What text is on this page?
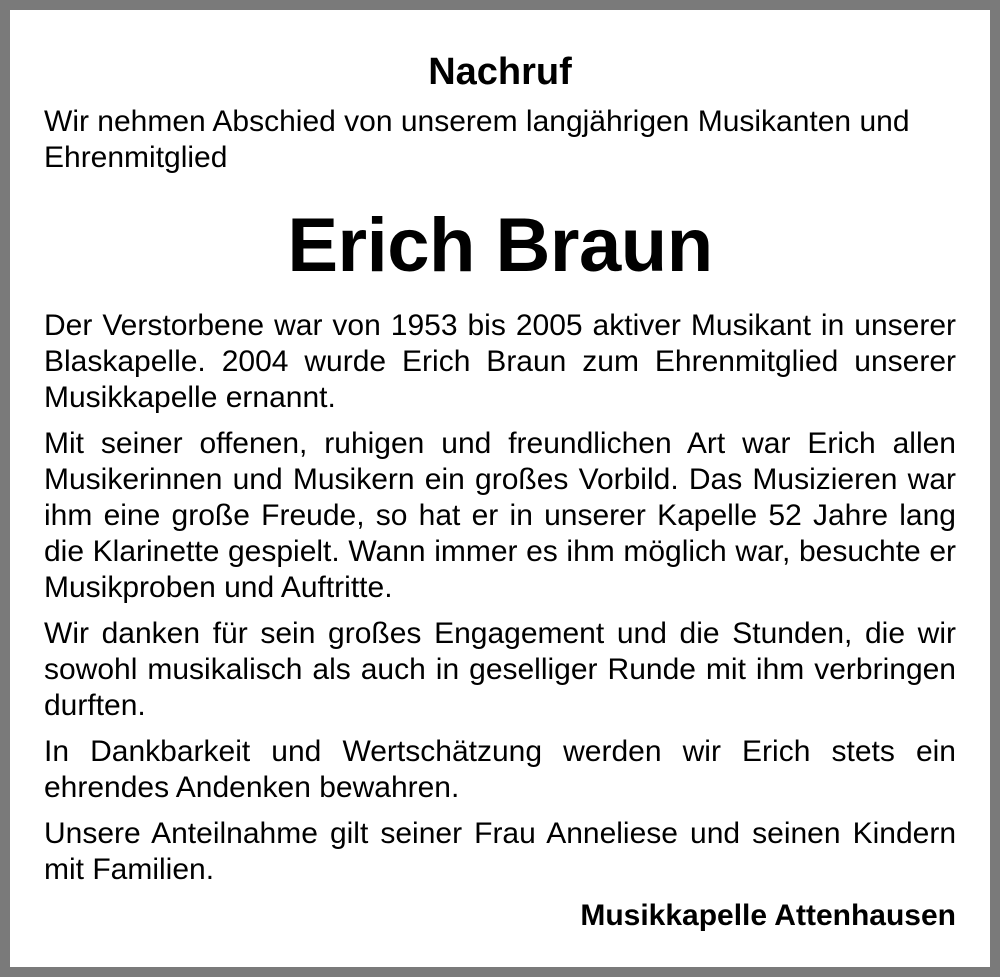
Nachruf

Wir nehmen Abschied von unserem langjährigen Musikanten und Ehrenmitglied

Erich Braun

Der Verstorbene war von 1953 bis 2005 aktiver Musikant in unserer Blaskapelle. 2004 wurde Erich Braun zum Ehrenmitglied unserer Musikkapelle ernannt.

Mit seiner offenen, ruhigen und freundlichen Art war Erich allen Musikerinnen und Musikern ein großes Vorbild. Das Musizieren war ihm eine große Freude, so hat er in unserer Kapelle 52 Jahre lang die Klarinette gespielt. Wann immer es ihm möglich war, besuchte er Musikproben und Auftritte.

Wir danken für sein großes Engagement und die Stunden, die wir sowohl musikalisch als auch in geselliger Runde mit ihm verbringen durften.

In Dankbarkeit und Wertschätzung werden wir Erich stets ein ehrendes Andenken bewahren.

Unsere Anteilnahme gilt seiner Frau Anneliese und seinen Kindern mit Familien.

Musikkapelle Attenhausen
